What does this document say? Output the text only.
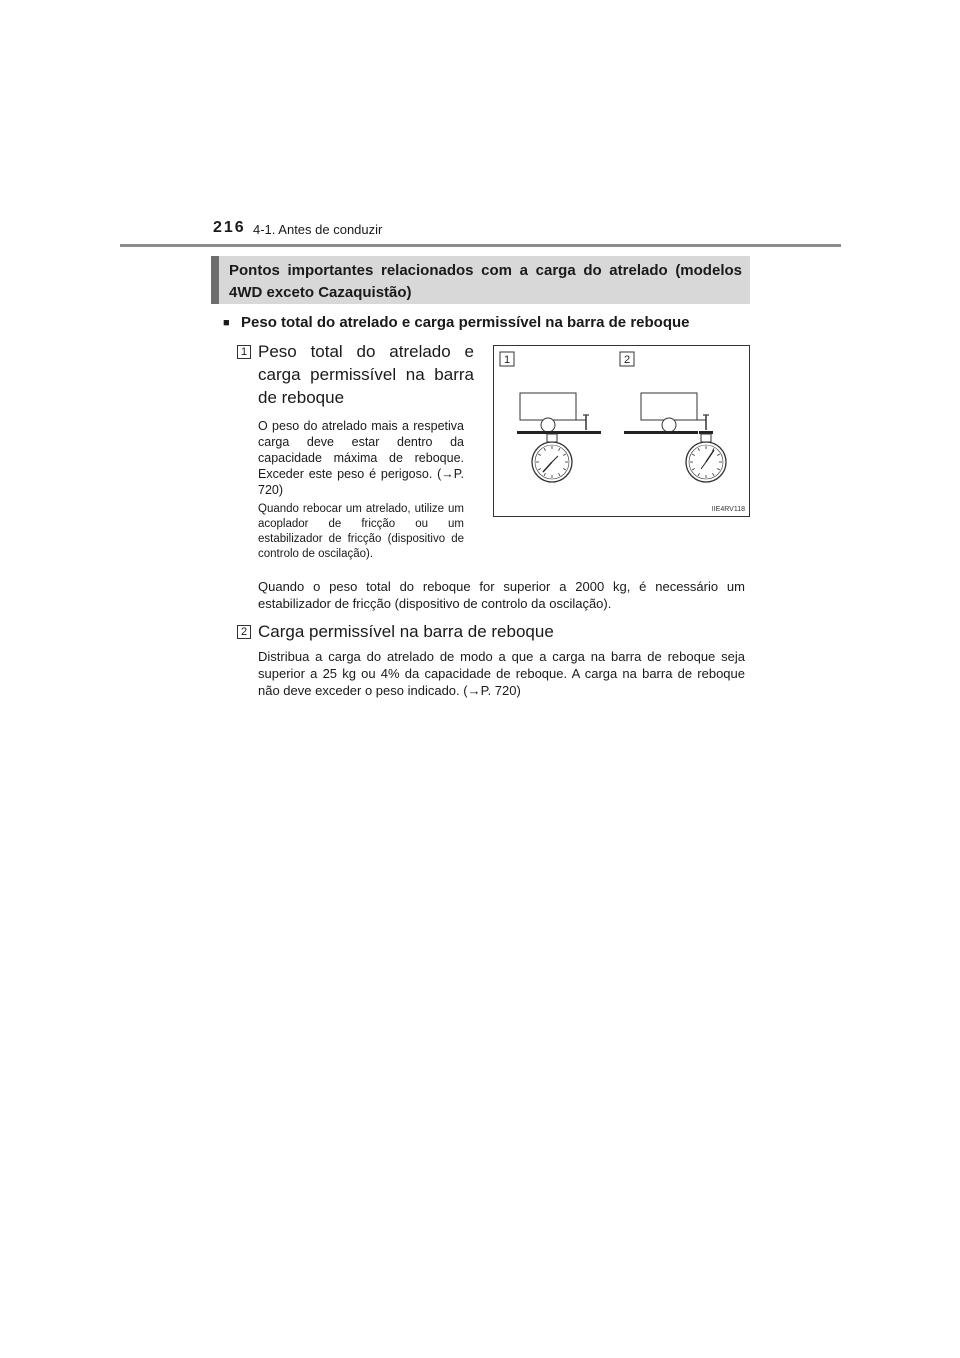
216 4-1. Antes de conduzir
Pontos importantes relacionados com a carga do atrelado (modelos 4WD exceto Cazaquistão)
■ Peso total do atrelado e carga permissível na barra de reboque
1 Peso total do atrelado e carga permissível na barra de reboque
O peso do atrelado mais a respetiva carga deve estar dentro da capacidade máxima de reboque. Exceder este peso é perigoso. (→P. 720)
Quando rebocar um atrelado, utilize um acoplador de fricção ou um estabilizador de fricção (dispositivo de controlo de oscilação).
Quando o peso total do reboque for superior a 2000 kg, é necessário um estabilizador de fricção (dispositivo de controlo da oscilação).
2 Carga permissível na barra de reboque
Distribua a carga do atrelado de modo a que a carga na barra de reboque seja superior a 25 kg ou 4% da capacidade de reboque. A carga na barra de reboque não deve exceder o peso indicado. (→P. 720)
1	2
IIE4RV118
